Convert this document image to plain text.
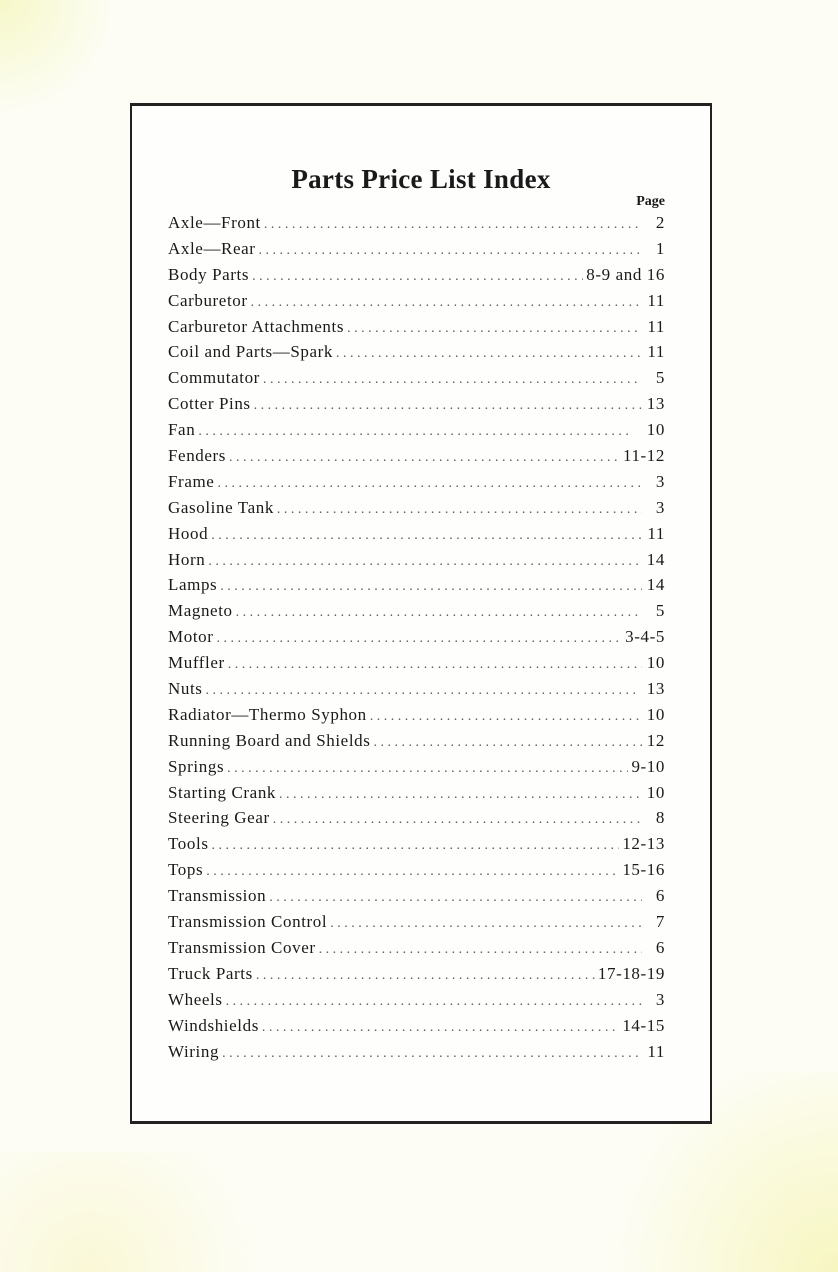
Parts Price List Index
Page
Axle—Front . . .	2
Axle—Rear . . .	1
Body Parts . . .	8-9 and 16
Carburetor . . .	11
Carburetor Attachments . . .	11
Coil and Parts—Spark . . .	11
Commutator . . .	5
Cotter Pins . . .	13
Fan . . .	10
Fenders . . .	11-12
Frame . . .	3
Gasoline Tank . . .	3
Hood . . .	11
Horn . . .	14
Lamps . . .	14
Magneto . . .	5
Motor . . .	3-4-5
Muffler . . .	10
Nuts . . .	13
Radiator—Thermo Syphon . . .	10
Running Board and Shields . . .	12
Springs . . .	9-10
Starting Crank . . .	10
Steering Gear . . .	8
Tools . . .	12-13
Tops . . .	15-16
Transmission . . .	6
Transmission Control . . .	7
Transmission Cover . . .	6
Truck Parts . . .	17-18-19
Wheels . . .	3
Windshields . . .	14-15
Wiring . . .	11
